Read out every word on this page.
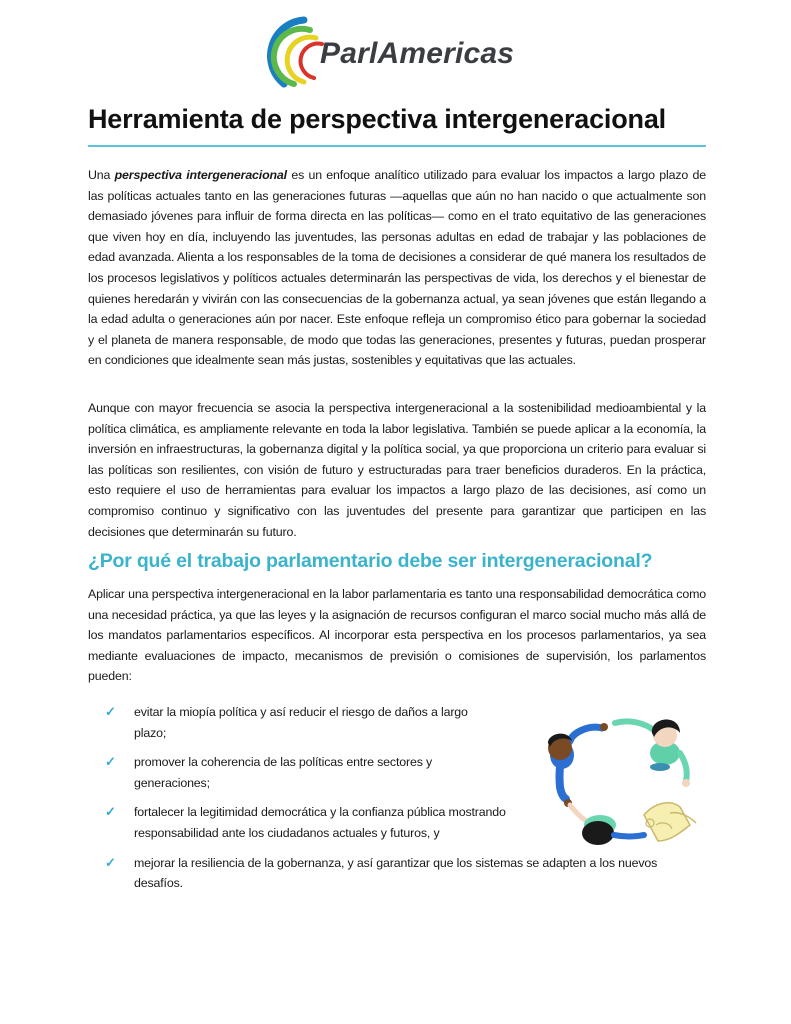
ParlAmericas
Herramienta de perspectiva intergeneracional

Una perspectiva intergeneracional es un enfoque analítico utilizado para evaluar los impactos a largo plazo de las políticas actuales tanto en las generaciones futuras —aquellas que aún no han nacido o que actualmente son demasiado jóvenes para influir de forma directa en las políticas— como en el trato equitativo de las generaciones que viven hoy en día, incluyendo las juventudes, las personas adultas en edad de trabajar y las poblaciones de edad avanzada. Alienta a los responsables de la toma de decisiones a considerar de qué manera los resultados de los procesos legislativos y políticos actuales determinarán las perspectivas de vida, los derechos y el bienestar de quienes heredarán y vivirán con las consecuencias de la gobernanza actual, ya sean jóvenes que están llegando a la edad adulta o generaciones aún por nacer. Este enfoque refleja un compromiso ético para gobernar la sociedad y el planeta de manera responsable, de modo que todas las generaciones, presentes y futuras, puedan prosperar en condiciones que idealmente sean más justas, sostenibles y equitativas que las actuales.

Aunque con mayor frecuencia se asocia la perspectiva intergeneracional a la sostenibilidad medioambiental y la política climática, es ampliamente relevante en toda la labor legislativa. También se puede aplicar a la economía, la inversión en infraestructuras, la gobernanza digital y la política social, ya que proporciona un criterio para evaluar si las políticas son resilientes, con visión de futuro y estructuradas para traer beneficios duraderos. En la práctica, esto requiere el uso de herramientas para evaluar los impactos a largo plazo de las decisiones, así como un compromiso continuo y significativo con las juventudes del presente para garantizar que participen en las decisiones que determinarán su futuro.

¿Por qué el trabajo parlamentario debe ser intergeneracional?

Aplicar una perspectiva intergeneracional en la labor parlamentaria es tanto una responsabilidad democrática como una necesidad práctica, ya que las leyes y la asignación de recursos configuran el marco social mucho más allá de los mandatos parlamentarios específicos. Al incorporar esta perspectiva en los procesos parlamentarios, ya sea mediante evaluaciones de impacto, mecanismos de previsión o comisiones de supervisión, los parlamentos pueden:

✓ evitar la miopía política y así reducir el riesgo de daños a largo plazo;
✓ promover la coherencia de las políticas entre sectores y generaciones;
✓ fortalecer la legitimidad democrática y la confianza pública mostrando responsabilidad ante los ciudadanos actuales y futuros, y
✓ mejorar la resiliencia de la gobernanza, y así garantizar que los sistemas se adapten a los nuevos desafíos.
